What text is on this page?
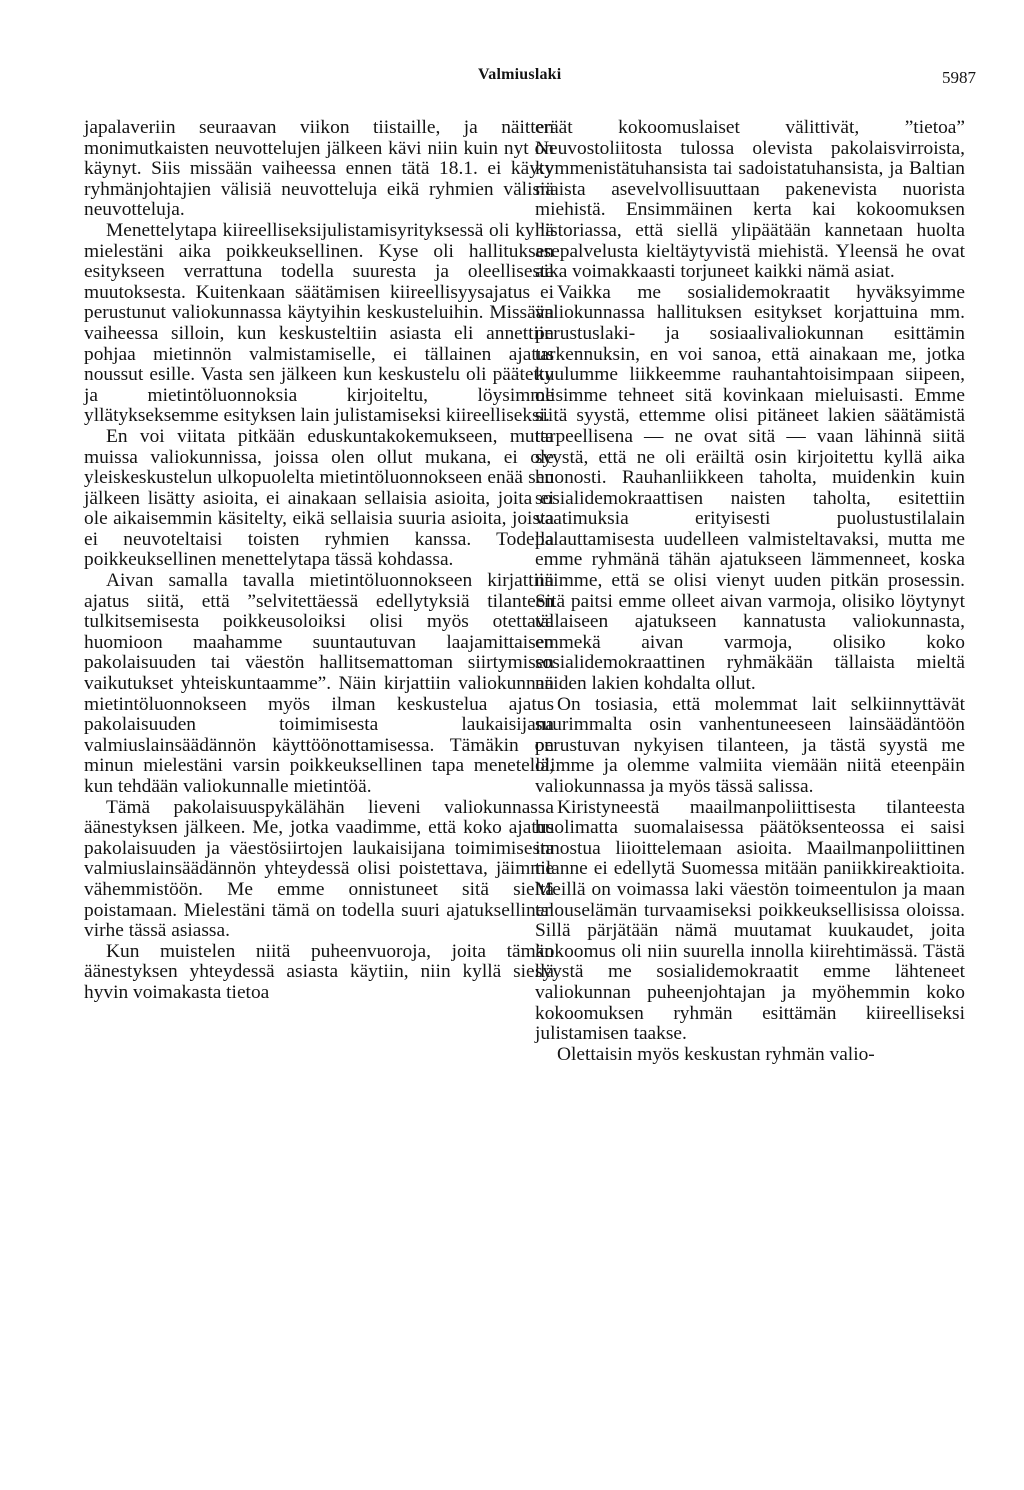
Valmiuslaki	5987

japalaveriin seuraavan viikon tiistaille, ja näitten monimutkaisten neuvottelujen jälkeen kävi niin kuin nyt on käynyt. Siis missään vaiheessa ennen tätä 18.1. ei käyty ryhmänjohtajien välisiä neuvotteluja eikä ryhmien välisiä neuvotteluja.

Menettelytapa kiireelliseksijulistamisyrityksessä oli kyllä mielestäni aika poikkeuksellinen. Kyse oli hallituksen esitykseen verrattuna todella suuresta ja oleellisesta muutoksesta. Kuitenkaan säätämisen kiireellisyysajatus ei perustunut valiokunnassa käytyihin keskusteluihin. Missään vaiheessa silloin, kun keskusteltiin asiasta eli annettiin pohjaa mietinnön valmistamiselle, ei tällainen ajatus noussut esille. Vasta sen jälkeen kun keskustelu oli päätetty ja mietintöluonnoksia kirjoiteltu, löysimme yllätykseksemme esityksen lain julistamiseksi kiireelliseksi.

En voi viitata pitkään eduskuntakokemukseen, mutta muissa valiokunnissa, joissa olen ollut mukana, ei ole yleiskeskustelun ulkopuolelta mietintöluonnokseen enää sen jälkeen lisätty asioita, ei ainakaan sellaisia asioita, joita ei ole aikaisemmin käsitelty, eikä sellaisia suuria asioita, joista ei neuvoteltaisi toisten ryhmien kanssa. Todella poikkeuksellinen menettelytapa tässä kohdassa.

Aivan samalla tavalla mietintöluonnokseen kirjattiin ajatus siitä, että ”selvitettäessä edellytyksiä tilanteen tulkitsemisesta poikkeusoloiksi olisi myös otettava huomioon maahamme suuntautuvan laajamittaisen pakolaisuuden tai väestön hallitsemattoman siirtymisen vaikutukset yhteiskuntaamme”. Näin kirjattiin valiokunnan mietintöluonnokseen myös ilman keskustelua ajatus pakolaisuuden toimimisesta laukaisijana valmiuslainsäädännön käyttöönottamisessa. Tämäkin on minun mielestäni varsin poikkeuksellinen tapa menetellä, kun tehdään valiokunnalle mietintöä.

Tämä pakolaisuuspykälähän lieveni valiokunnassa äänestyksen jälkeen. Me, jotka vaadimme, että koko ajatus pakolaisuuden ja väestösiirtojen laukaisijana toimimisesta valmiuslainsäädännön yhteydessä olisi poistettava, jäimme vähemmistöön. Me emme onnistuneet sitä sieltä poistamaan. Mielestäni tämä on todella suuri ajatuksellinen virhe tässä asiassa.

Kun muistelen niitä puheenvuoroja, joita tämän äänestyksen yhteydessä asiasta käytiin, niin kyllä siellä hyvin voimakasta tietoa

eräät kokoomuslaiset välittivät, ”tietoa” Neuvostoliitosta tulossa olevista pakolaisvirroista, kymmenistätuhansista tai sadoistatuhansista, ja Baltian maista asevelvollisuuttaan pakenevista nuorista miehistä. Ensimmäinen kerta kai kokoomuksen historiassa, että siellä ylipäätään kannetaan huolta asepalvelusta kieltäytyvistä miehistä. Yleensä he ovat aika voimakkaasti torjuneet kaikki nämä asiat.

Vaikka me sosialidemokraatit hyväksyimme valiokunnassa hallituksen esitykset korjattuina mm. perustuslaki- ja sosiaalivaliokunnan esittämin tarkennuksin, en voi sanoa, että ainakaan me, jotka kuulumme liikkeemme rauhantahtoisimpaan siipeen, olisimme tehneet sitä kovinkaan mieluisasti. Emme siitä syystä, ettemme olisi pitäneet lakien säätämistä tarpeellisena — ne ovat sitä — vaan lähinnä siitä syystä, että ne oli eräiltä osin kirjoitettu kyllä aika huonosti. Rauhanliikkeen taholta, muidenkin kuin sosialidemokraattisen naisten taholta, esitettiin vaatimuksia erityisesti puolustustilalain palauttamisesta uudelleen valmisteltavaksi, mutta me emme ryhmänä tähän ajatukseen lämmenneet, koska näimme, että se olisi vienyt uuden pitkän prosessin. Sitä paitsi emme olleet aivan varmoja, olisiko löytynyt tällaiseen ajatukseen kannatusta valiokunnasta, emmekä aivan varmoja, olisiko koko sosialidemokraattinen ryhmäkään tällaista mieltä näiden lakien kohdalta ollut.

On tosiasia, että molemmat lait selkiinnyttävät suurimmalta osin vanhentuneeseen lainsäädäntöön perustuvan nykyisen tilanteen, ja tästä syystä me olimme ja olemme valmiita viemään niitä eteenpäin valiokunnassa ja myös tässä salissa.

Kiristyneestä maailmanpoliittisesta tilanteesta huolimatta suomalaisessa päätöksenteossa ei saisi innostua liioittelemaan asioita. Maailmanpoliittinen tilanne ei edellytä Suomessa mitään paniikkireaktioita. Meillä on voimassa laki väestön toimeentulon ja maan talouselämän turvaamiseksi poikkeuksellisissa oloissa. Sillä pärjätään nämä muutamat kuukaudet, joita kokoomus oli niin suurella innolla kiirehtimässä. Tästä syystä me sosialidemokraatit emme lähteneet valiokunnan puheenjohtajan ja myöhemmin koko kokoomuksen ryhmän esittämän kiireelliseksi julistamisen taakse.

Olettaisin myös keskustan ryhmän valio-
